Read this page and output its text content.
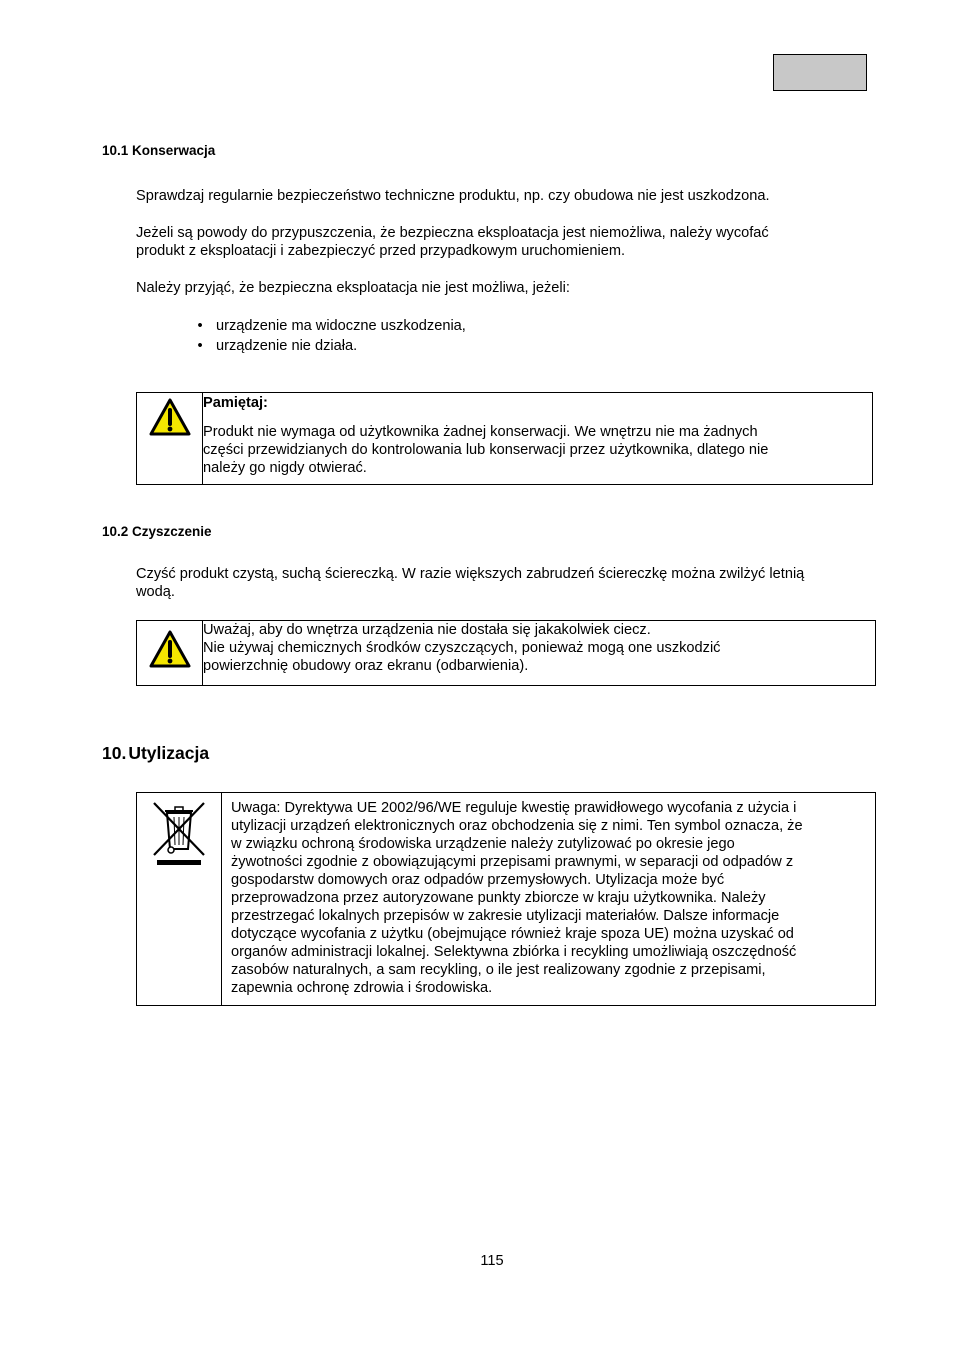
10.1 Konserwacja
Sprawdzaj regularnie bezpieczeństwo techniczne produktu, np. czy obudowa nie jest uszkodzona.
Jeżeli są powody do przypuszczenia, że bezpieczna eksploatacja jest niemożliwa, należy wycofać
produkt z eksploatacji i zabezpieczyć przed przypadkowym uruchomieniem.
Należy przyjąć, że bezpieczna eksploatacja nie jest możliwa, jeżeli:
• urządzenie ma widoczne uszkodzenia,
• urządzenie nie działa.

Pamiętaj:

Produkt nie wymaga od użytkownika żadnej konserwacji. We wnętrzu nie ma żadnych

części przewidzianych do kontrolowania lub konserwacji przez użytkownika, dlatego nie

należy go nigdy otwierać.

10.2 Czyszczenie
Czyść produkt czystą, suchą ściereczką. W razie większych zabrudzeń ściereczkę można zwilżyć letnią
wodą.

Uważaj, aby do wnętrza urządzenia nie dostała się jakakolwiek ciecz.

Nie używaj chemicznych środków czyszczących, ponieważ mogą one uszkodzić

powierzchnię obudowy oraz ekranu (odbarwienia).

10. Utylizacja

Uwaga: Dyrektywa UE 2002/96/WE reguluje kwestię prawidłowego wycofania z użycia i

utylizacji urządzeń elektronicznych oraz obchodzenia się z nimi. Ten symbol oznacza, że

w związku ochroną środowiska urządzenie należy zutylizować po okresie jego

żywotności zgodnie z obowiązującymi przepisami prawnymi, w separacji od odpadów z

gospodarstw domowych oraz odpadów przemysłowych. Utylizacja może być

przeprowadzona przez autoryzowane punkty zbiorcze w kraju użytkownika. Należy

przestrzegać lokalnych przepisów w zakresie utylizacji materiałów. Dalsze informacje

dotyczące wycofania z użytku (obejmujące również kraje spoza UE) można uzyskać od

organów administracji lokalnej. Selektywna zbiórka i recykling umożliwiają oszczędność

zasobów naturalnych, a sam recykling, o ile jest realizowany zgodnie z przepisami,

zapewnia ochronę zdrowia i środowiska.

115
